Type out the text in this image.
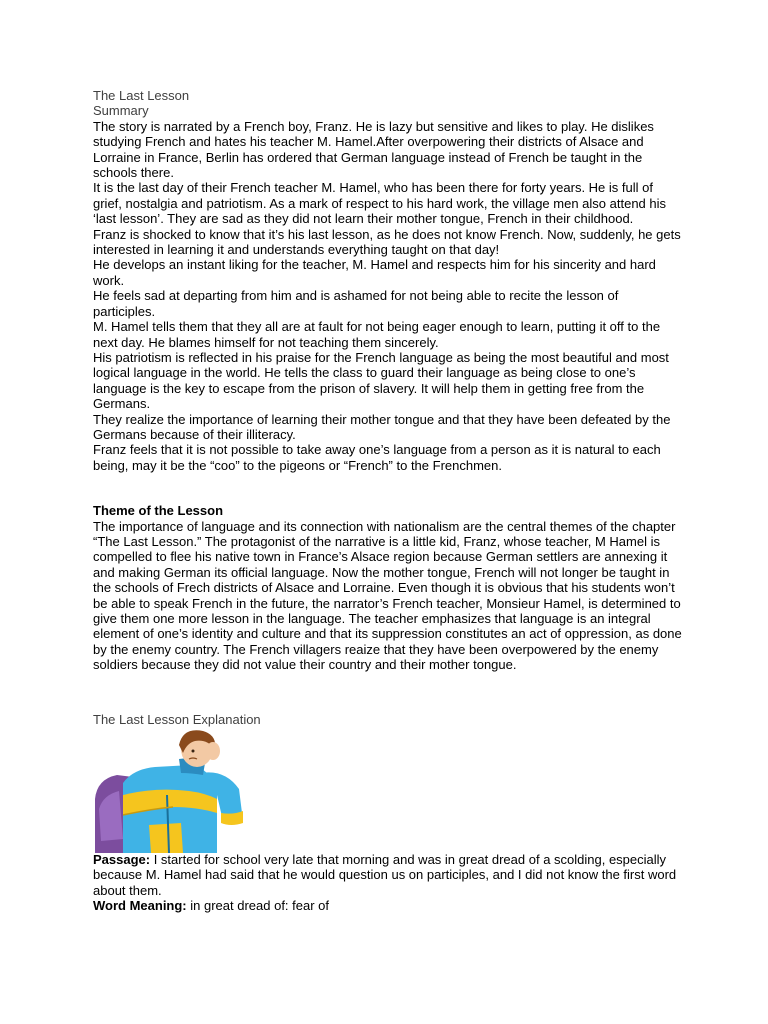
The Last Lesson
Summary

The story is narrated by a French boy, Franz. He is lazy but sensitive and likes to play. He dislikes studying French and hates his teacher M. Hamel.After overpowering their districts of Alsace and Lorraine in France, Berlin has ordered that German language instead of French be taught in the schools there.

It is the last day of their French teacher M. Hamel, who has been there for forty years. He is full of grief, nostalgia and patriotism. As a mark of respect to his hard work, the village men also attend his ‘last lesson’. They are sad as they did not learn their mother tongue, French in their childhood.

Franz is shocked to know that it’s his last lesson, as he does not know French. Now, suddenly, he gets interested in learning it and understands everything taught on that day!

He develops an instant liking for the teacher, M. Hamel and respects him for his sincerity and hard work.

He feels sad at departing from him and is ashamed for not being able to recite the lesson of participles.

M. Hamel tells them that they all are at fault for not being eager enough to learn, putting it off to the next day. He blames himself for not teaching them sincerely.

His patriotism is reflected in his praise for the French language as being the most beautiful and most logical language in the world. He tells the class to guard their language as being close to one’s language is the key to escape from the prison of slavery. It will help them in getting free from the Germans.

They realize the importance of learning their mother tongue and that they have been defeated by the Germans because of their illiteracy.

Franz feels that it is not possible to take away one’s language from a person as it is natural to each being, may it be the “coo” to the pigeons or “French” to the Frenchmen.

Theme of the Lesson

The importance of language and its connection with nationalism are the central themes of the chapter “The Last Lesson.” The protagonist of the narrative is a little kid, Franz, whose teacher, M Hamel is compelled to flee his native town in France’s Alsace region because German settlers are annexing it and making German its official language. Now the mother tongue, French will not longer be taught in the schools of Frech districts of Alsace and Lorraine. Even though it is obvious that his students won’t be able to speak French in the future, the narrator’s French teacher, Monsieur Hamel, is determined to give them one more lesson in the language. The teacher emphasizes that language is an integral element of one’s identity and culture and that its suppression constitutes an act of oppression, as done by the enemy country. The French villagers reaize that they have been overpowered by the enemy soldiers because they did not value their country and their mother tongue.

The Last Lesson Explanation

Passage: I started for school very late that morning and was in great dread of a scolding, especially because M. Hamel had said that he would question us on participles, and I did not know the first word about them.

Word Meaning: in great dread of: fear of
